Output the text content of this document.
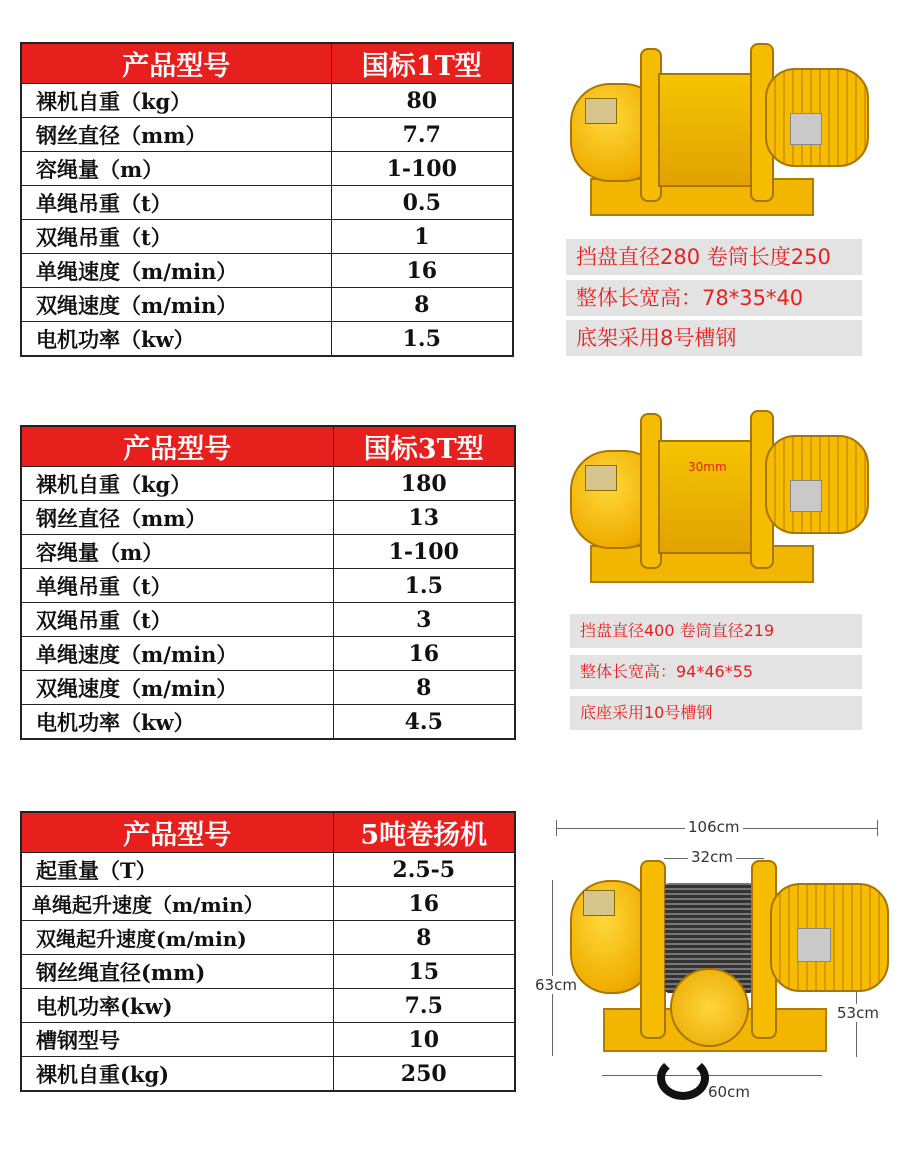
产品型号	国标1T型
裸机自重（kg）	80
钢丝直径（mm）	7.7
容绳量（m）	1-100
单绳吊重（t）	0.5
双绳吊重（t）	1
单绳速度（m/min）	16
双绳速度（m/min）	8
电机功率（kw）	1.5
挡盘直径280 卷筒长度250
整体长宽高：78*35*40
底架采用8号槽钢
产品型号	国标3T型
裸机自重（kg）	180
钢丝直径（mm）	13
容绳量（m）	1-100
单绳吊重（t）	1.5
双绳吊重（t）	3
单绳速度（m/min）	16
双绳速度（m/min）	8
电机功率（kw）	4.5
30mm
挡盘直径400 卷筒直径219
整体长宽高：94*46*55
底座采用10号槽钢
产品型号	5吨卷扬机
起重量（T）	2.5-5
单绳起升速度（m/min）	16
双绳起升速度(m/min)	8
钢丝绳直径(mm)	15
电机功率(kw)	7.5
槽钢型号	10
裸机自重(kg)	250
106cm
32cm
63cm
53cm
60cm
